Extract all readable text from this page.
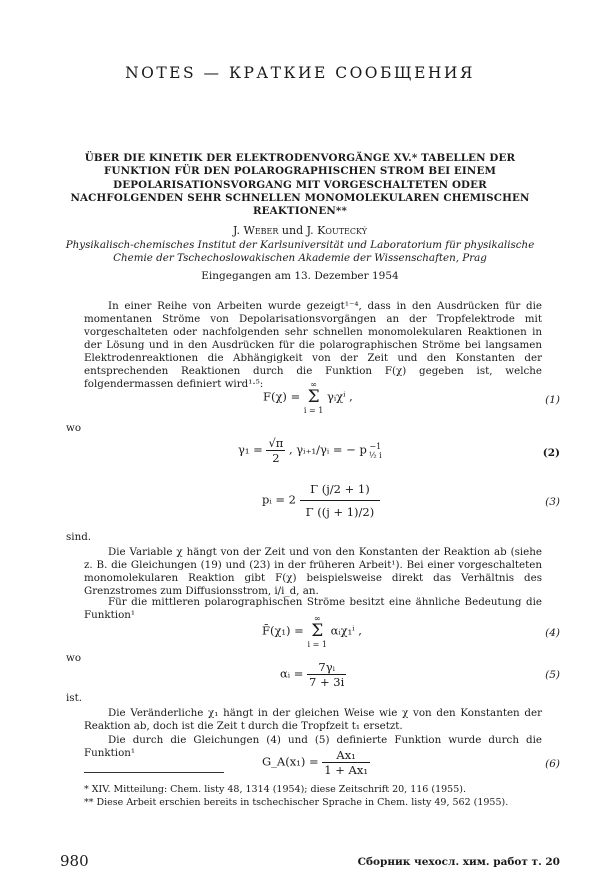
NOTES — КРАТКИЕ СООБЩЕНИЯ
ÜBER DIE KINETIK DER ELEKTRODENVORGÄNGE XV.* TABELLEN DER FUNKTION FÜR DEN POLAROGRAPHISCHEN STROM BEI EINEM DEPOLARISATIONSVORGANG MIT VORGESCHALTETEN ODER NACHFOLGENDEN SEHR SCHNELLEN MONOMOLEKULAREN CHEMISCHEN REAKTIONEN**
J. Weber und J. Koutecký
Physikalisch-chemisches Institut der Karlsuniversität und Laboratorium für physikalische Chemie der Tschechoslowakischen Akademie der Wissenschaften, Prag
Eingegangen am 13. Dezember 1954
In einer Reihe von Arbeiten wurde gezeigt¹⁻⁴, dass in den Ausdrücken für die momentanen Ströme von Depolarisationsvorgängen an der Tropfelektrode mit vorgeschalteten oder nachfolgenden sehr schnellen monomolekularen Reaktionen in der Lösung und in den Ausdrücken für die polarographischen Ströme bei langsamen Elektrodenreaktionen die Abhängigkeit von der Zeit und den Konstanten der entsprechenden Reaktionen durch die Funktion F(χ) gegeben ist, welche folgendermassen definiert wird¹·⁵:
F(χ) = ∞
Σ
i = 1 γᵢχⁱ ,	(1)
wo
$\gamma_1 = \frac{√\pi}{2}$ , γᵢ₊₁/γᵢ = − p −1
½ i	(2)
pᵢ = $2 \frac{\Gamma (j/2 + 1)}{\Gamma ((j + 1)/2)}$	(3)
sind.
Die Variable χ hängt von der Zeit und von den Konstanten der Reaktion ab (siehe z. B. die Gleichungen (19) und (23) in der früheren Arbeit¹). Bei einer vorgeschalteten monomolekularen Reaktion gibt F(χ) beispielsweise direkt das Verhältnis des Grenzstromes zum Diffusionsstrom, i/i_d, an.
Für die mittleren polarographischen Ströme besitzt eine ähnliche Bedeutung die Funktion¹
F̄(χ₁) = ∞
Σ
i = 1 αᵢχ₁ⁱ ,	(4)
wo
αᵢ = $\frac{\text{7γᵢ}}{7 + 3i}$	(5)
ist.
Die Veränderliche χ₁ hängt in der gleichen Weise wie χ von den Konstanten der Reaktion ab, doch ist die Zeit t durch die Tropfzeit t₁ ersetzt.
Die durch die Gleichungen (4) und (5) definierte Funktion wurde durch die Funktion¹
G_A(x₁) = $\frac{\text{Ax₁}}{\text{1 + Ax₁}}$	(6)
* XIV. Mitteilung: Chem. listy 48, 1314 (1954); diese Zeitschrift 20, 116 (1955).
** Diese Arbeit erschien bereits in tschechischer Sprache in Chem. listy 49, 562 (1955).
980	Сборник чехосл. хим. работ т. 20
